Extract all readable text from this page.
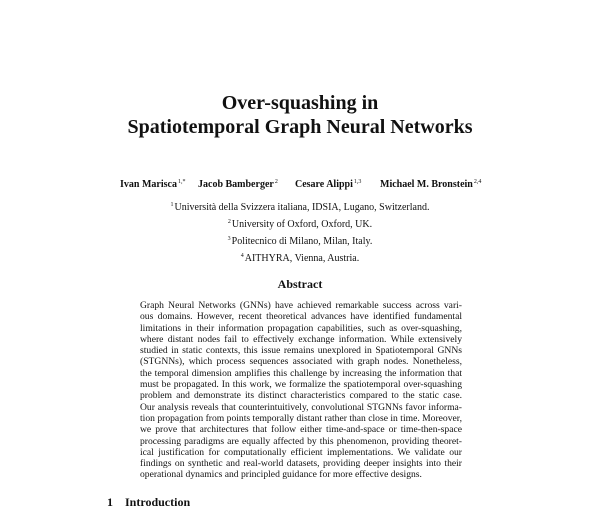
Over-squashing in
Spatiotemporal Graph Neural Networks
Ivan Marisca$^{1,*}$ Jacob Bamberger$^2$ Cesare Alippi$^{1,3}$ Michael M. Bronstein$^{2,4}$
$^1$Università della Svizzera italiana, IDSIA, Lugano, Switzerland.
$^2$University of Oxford, Oxford, UK.
$^3$Politecnico di Milano, Milan, Italy.
$^4$AITHYRA, Vienna, Austria.
Abstract
Graph Neural Networks (GNNs) have achieved remarkable success across vari-
ous domains. However, recent theoretical advances have identified fundamental
limitations in their information propagation capabilities, such as over-squashing,
where distant nodes fail to effectively exchange information. While extensively
studied in static contexts, this issue remains unexplored in Spatiotemporal GNNs
(STGNNs), which process sequences associated with graph nodes. Nonetheless,
the temporal dimension amplifies this challenge by increasing the information that
must be propagated. In this work, we formalize the spatiotemporal over-squashing
problem and demonstrate its distinct characteristics compared to the static case.
Our analysis reveals that counterintuitively, convolutional STGNNs favor informa-
tion propagation from points temporally distant rather than close in time. Moreover,
we prove that architectures that follow either time-and-space or time-then-space
processing paradigms are equally affected by this phenomenon, providing theoret-
ical justification for computationally efficient implementations. We validate our
findings on synthetic and real-world datasets, providing deeper insights into their
operational dynamics and principled guidance for more effective designs.
1 Introduction
